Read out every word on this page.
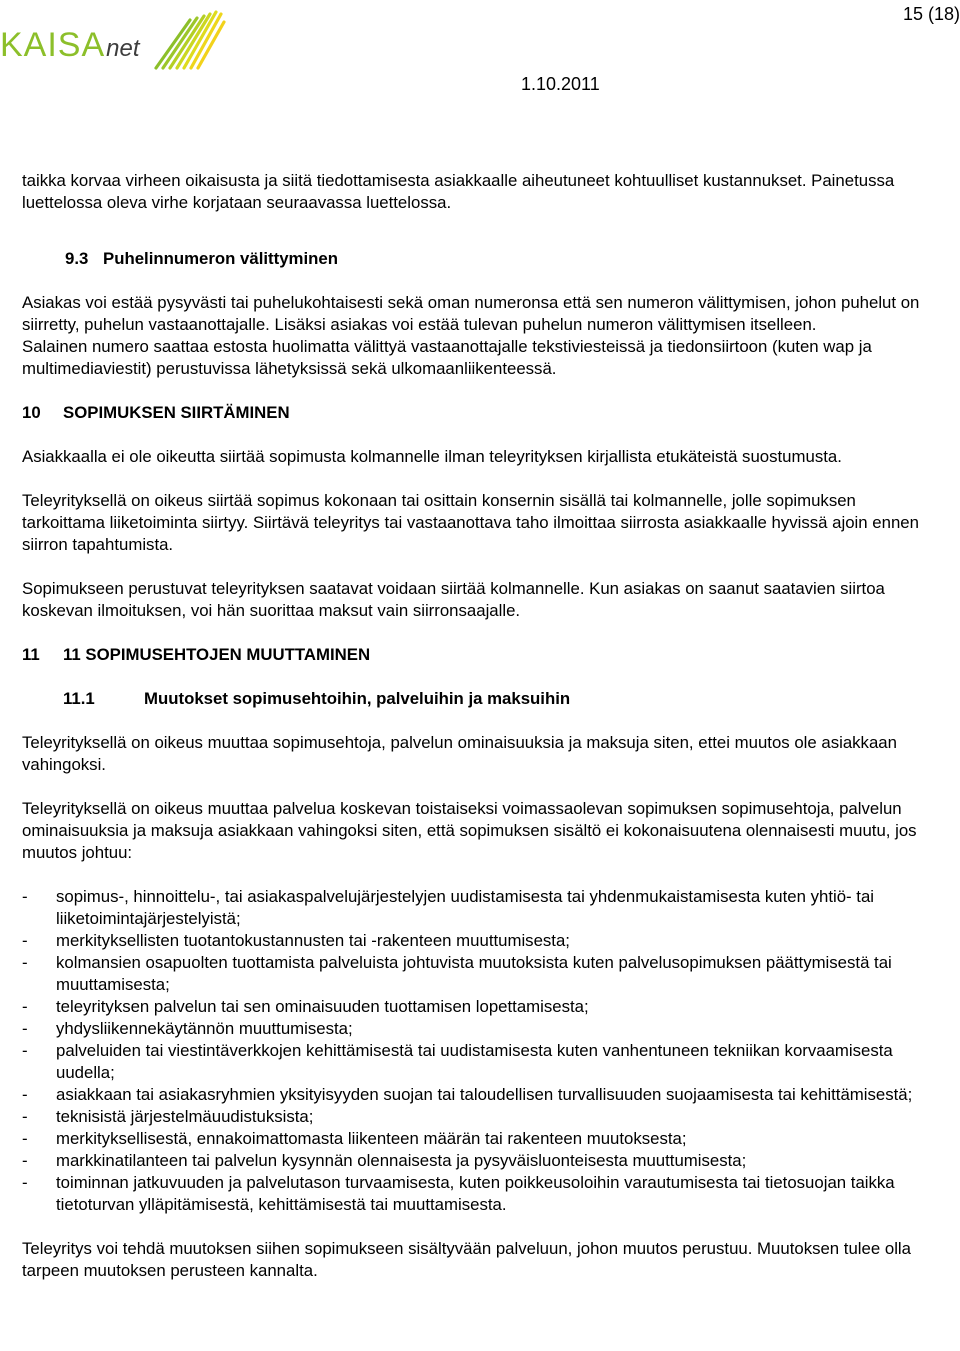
KAISAnet
15 (18)
1.10.2011

taikka korvaa virheen oikaisusta ja siitä tiedottamisesta asiakkaalle aiheutuneet kohtuulliset kustannukset. Painetussa luettelossa oleva virhe korjataan seuraavassa luettelossa.

9.3 Puhelinnumeron välittyminen

Asiakas voi estää pysyvästi tai puhelukohtaisesti sekä oman numeronsa että sen numeron välittymisen, johon puhelut on siirretty, puhelun vastaanottajalle. Lisäksi asiakas voi estää tulevan puhelun numeron välittymisen itselleen.

Salainen numero saattaa estosta huolimatta välittyä vastaanottajalle tekstiviesteissä ja tiedonsiirtoon (kuten wap ja multimediaviestit) perustuvissa lähetyksissä sekä ulkomaanliikenteessä.

10 SOPIMUKSEN SIIRTÄMINEN

Asiakkaalla ei ole oikeutta siirtää sopimusta kolmannelle ilman teleyrityksen kirjallista etukäteistä suostumusta.

Teleyrityksellä on oikeus siirtää sopimus kokonaan tai osittain konsernin sisällä tai kolmannelle, jolle sopimuksen tarkoittama liiketoiminta siirtyy. Siirtävä teleyritys tai vastaanottava taho ilmoittaa siirrosta asiakkaalle hyvissä ajoin ennen siirron tapahtumista.

Sopimukseen perustuvat teleyrityksen saatavat voidaan siirtää kolmannelle. Kun asiakas on saanut saatavien siirtoa koskevan ilmoituksen, voi hän suorittaa maksut vain siirronsaajalle.

11 11 SOPIMUSEHTOJEN MUUTTAMINEN

11.1	Muutokset sopimusehtoihin, palveluihin ja maksuihin

Teleyrityksellä on oikeus muuttaa sopimusehtoja, palvelun ominaisuuksia ja maksuja siten, ettei muutos ole asiakkaan vahingoksi.

Teleyrityksellä on oikeus muuttaa palvelua koskevan toistaiseksi voimassaolevan sopimuksen sopimusehtoja, palvelun ominaisuuksia ja maksuja asiakkaan vahingoksi siten, että sopimuksen sisältö ei kokonaisuutena olennaisesti muutu, jos muutos johtuu:

- sopimus-, hinnoittelu-, tai asiakaspalvelujärjestelyjen uudistamisesta tai yhdenmukaistamisesta kuten yhtiö- tai liiketoimintajärjestelyistä;
- merkityksellisten tuotantokustannusten tai -rakenteen muuttumisesta;
- kolmansien osapuolten tuottamista palveluista johtuvista muutoksista kuten palvelusopimuksen päättymisestä tai muuttamisesta;
- teleyrityksen palvelun tai sen ominaisuuden tuottamisen lopettamisesta;
- yhdysliikennekäytännön muuttumisesta;
- palveluiden tai viestintäverkkojen kehittämisestä tai uudistamisesta kuten vanhentuneen tekniikan korvaamisesta uudella;
- asiakkaan tai asiakasryhmien yksityisyyden suojan tai taloudellisen turvallisuuden suojaamisesta tai kehittämisestä;
- teknisistä järjestelmäuudistuksista;
- merkityksellisestä, ennakoimattomasta liikenteen määrän tai rakenteen muutoksesta;
- markkinatilanteen tai palvelun kysynnän olennaisesta ja pysyväisluonteisesta muuttumisesta;
- toiminnan jatkuvuuden ja palvelutason turvaamisesta, kuten poikkeusoloihin varautumisesta tai tietosuojan taikka tietoturvan ylläpitämisestä, kehittämisestä tai muuttamisesta.

Teleyritys voi tehdä muutoksen siihen sopimukseen sisältyvään palveluun, johon muutos perustuu. Muutoksen tulee olla tarpeen muutoksen perusteen kannalta.
